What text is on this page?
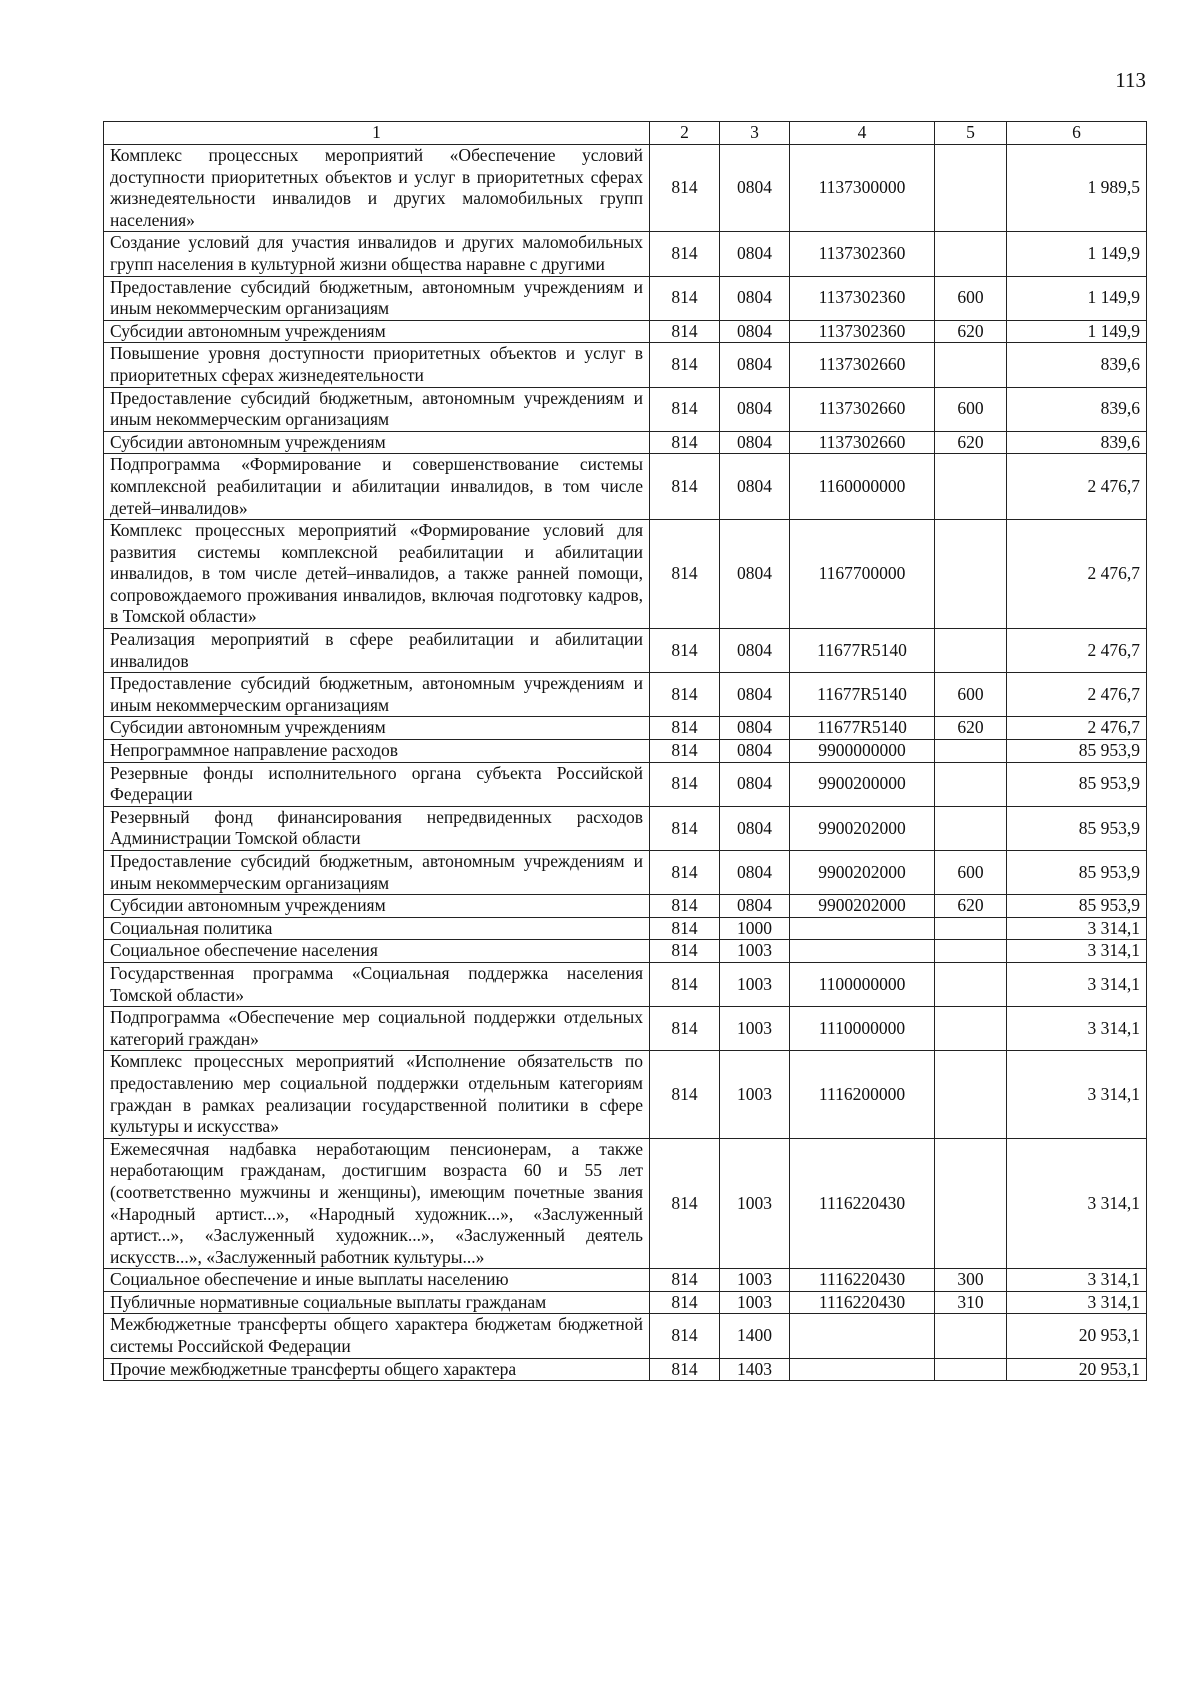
113
1	2	3	4	5	6
Комплекс процессных мероприятий «Обеспечение условий доступности приоритетных объектов и услуг в приоритетных сферах жизнедеятельности инвалидов и других маломобильных групп населения»	814	0804	1137300000		1 989,5
Создание условий для участия инвалидов и других маломобильных групп населения в культурной жизни общества наравне с другими	814	0804	1137302360		1 149,9
Предоставление субсидий бюджетным, автономным учреждениям и иным некоммерческим организациям	814	0804	1137302360	600	1 149,9
Субсидии автономным учреждениям	814	0804	1137302360	620	1 149,9
Повышение уровня доступности приоритетных объектов и услуг в приоритетных сферах жизнедеятельности	814	0804	1137302660		839,6
Предоставление субсидий бюджетным, автономным учреждениям и иным некоммерческим организациям	814	0804	1137302660	600	839,6
Субсидии автономным учреждениям	814	0804	1137302660	620	839,6
Подпрограмма «Формирование и совершенствование системы комплексной реабилитации и абилитации инвалидов, в том числе детей–инвалидов»	814	0804	1160000000		2 476,7
Комплекс процессных мероприятий «Формирование условий для развития системы комплексной реабилитации и абилитации инвалидов, в том числе детей–инвалидов, а также ранней помощи, сопровождаемого проживания инвалидов, включая подготовку кадров, в Томской области»	814	0804	1167700000		2 476,7
Реализация мероприятий в сфере реабилитации и абилитации инвалидов	814	0804	11677R5140		2 476,7
Предоставление субсидий бюджетным, автономным учреждениям и иным некоммерческим организациям	814	0804	11677R5140	600	2 476,7
Субсидии автономным учреждениям	814	0804	11677R5140	620	2 476,7
Непрограммное направление расходов	814	0804	9900000000		85 953,9
Резервные фонды исполнительного органа субъекта Российской Федерации	814	0804	9900200000		85 953,9
Резервный фонд финансирования непредвиденных расходов Администрации Томской области	814	0804	9900202000		85 953,9
Предоставление субсидий бюджетным, автономным учреждениям и иным некоммерческим организациям	814	0804	9900202000	600	85 953,9
Субсидии автономным учреждениям	814	0804	9900202000	620	85 953,9
Социальная политика	814	1000			3 314,1
Социальное обеспечение населения	814	1003			3 314,1
Государственная программа «Социальная поддержка населения Томской области»	814	1003	1100000000		3 314,1
Подпрограмма «Обеспечение мер социальной поддержки отдельных категорий граждан»	814	1003	1110000000		3 314,1
Комплекс процессных мероприятий «Исполнение обязательств по предоставлению мер социальной поддержки отдельным категориям граждан в рамках реализации государственной политики в сфере культуры и искусства»	814	1003	1116200000		3 314,1
Ежемесячная надбавка неработающим пенсионерам, а также неработающим гражданам, достигшим возраста 60 и 55 лет (соответственно мужчины и женщины), имеющим почетные звания «Народный артист...», «Народный художник...», «Заслуженный артист...», «Заслуженный художник...», «Заслуженный деятель искусств...», «Заслуженный работник культуры...»	814	1003	1116220430		3 314,1
Социальное обеспечение и иные выплаты населению	814	1003	1116220430	300	3 314,1
Публичные нормативные социальные выплаты гражданам	814	1003	1116220430	310	3 314,1
Межбюджетные трансферты общего характера бюджетам бюджетной системы Российской Федерации	814	1400			20 953,1
Прочие межбюджетные трансферты общего характера	814	1403			20 953,1
